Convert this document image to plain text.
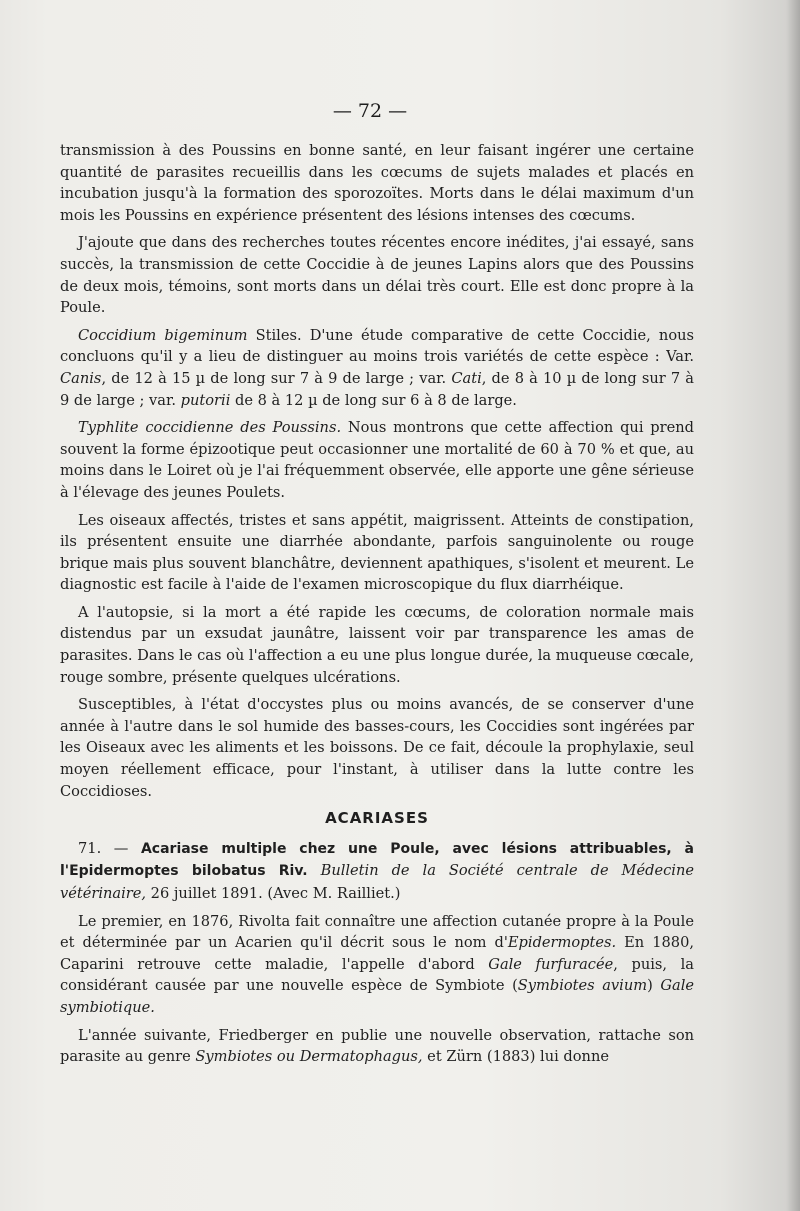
— 72 —

transmission à des Poussins en bonne santé, en leur faisant ingérer une certaine quantité de parasites recueillis dans les cœcums de sujets malades et placés en incubation jusqu'à la formation des sporozoïtes. Morts dans le délai maximum d'un mois les Poussins en expérience présentent des lésions intenses des cœcums.

J'ajoute que dans des recherches toutes récentes encore inédites, j'ai essayé, sans succès, la transmission de cette Coccidie à de jeunes Lapins alors que des Poussins de deux mois, témoins, sont morts dans un délai très court. Elle est donc propre à la Poule.

Coccidium bigeminum Stiles. D'une étude comparative de cette Coccidie, nous concluons qu'il y a lieu de distinguer au moins trois variétés de cette espèce : Var. Canis, de 12 à 15 µ de long sur 7 à 9 de large ; var. Cati, de 8 à 10 µ de long sur 7 à 9 de large ; var. putorii de 8 à 12 µ de long sur 6 à 8 de large.

Typhlite coccidienne des Poussins. Nous montrons que cette affection qui prend souvent la forme épizootique peut occasionner une mortalité de 60 à 70 % et que, au moins dans le Loiret où je l'ai fréquemment observée, elle apporte une gêne sérieuse à l'élevage des jeunes Poulets.

Les oiseaux affectés, tristes et sans appétit, maigrissent. Atteints de constipation, ils présentent ensuite une diarrhée abondante, parfois sanguinolente ou rouge brique mais plus souvent blanchâtre, deviennent apathiques, s'isolent et meurent. Le diagnostic est facile à l'aide de l'examen microscopique du flux diarrhéique.

A l'autopsie, si la mort a été rapide les cœcums, de coloration normale mais distendus par un exsudat jaunâtre, laissent voir par transparence les amas de parasites. Dans le cas où l'affection a eu une plus longue durée, la muqueuse cœcale, rouge sombre, présente quelques ulcérations.

Susceptibles, à l'état d'occystes plus ou moins avancés, de se conserver d'une année à l'autre dans le sol humide des basses-cours, les Coccidies sont ingérées par les Oiseaux avec les aliments et les boissons. De ce fait, découle la prophylaxie, seul moyen réellement efficace, pour l'instant, à utiliser dans la lutte contre les Coccidioses.

ACARIASES

71. — Acariase multiple chez une Poule, avec lésions attribuables, à l'Epidermoptes bilobatus Riv. Bulletin de la Société centrale de Médecine vétérinaire, 26 juillet 1891. (Avec M. Railliet.)

Le premier, en 1876, Rivolta fait connaître une affection cutanée propre à la Poule et déterminée par un Acarien qu'il décrit sous le nom d'Epidermoptes. En 1880, Caparini retrouve cette maladie, l'appelle d'abord Gale furfuracée, puis, la considérant causée par une nouvelle espèce de Symbiote (Symbiotes avium) Gale symbiotique.

L'année suivante, Friedberger en publie une nouvelle observation, rattache son parasite au genre Symbiotes ou Dermatophagus, et Zürn (1883) lui donne
